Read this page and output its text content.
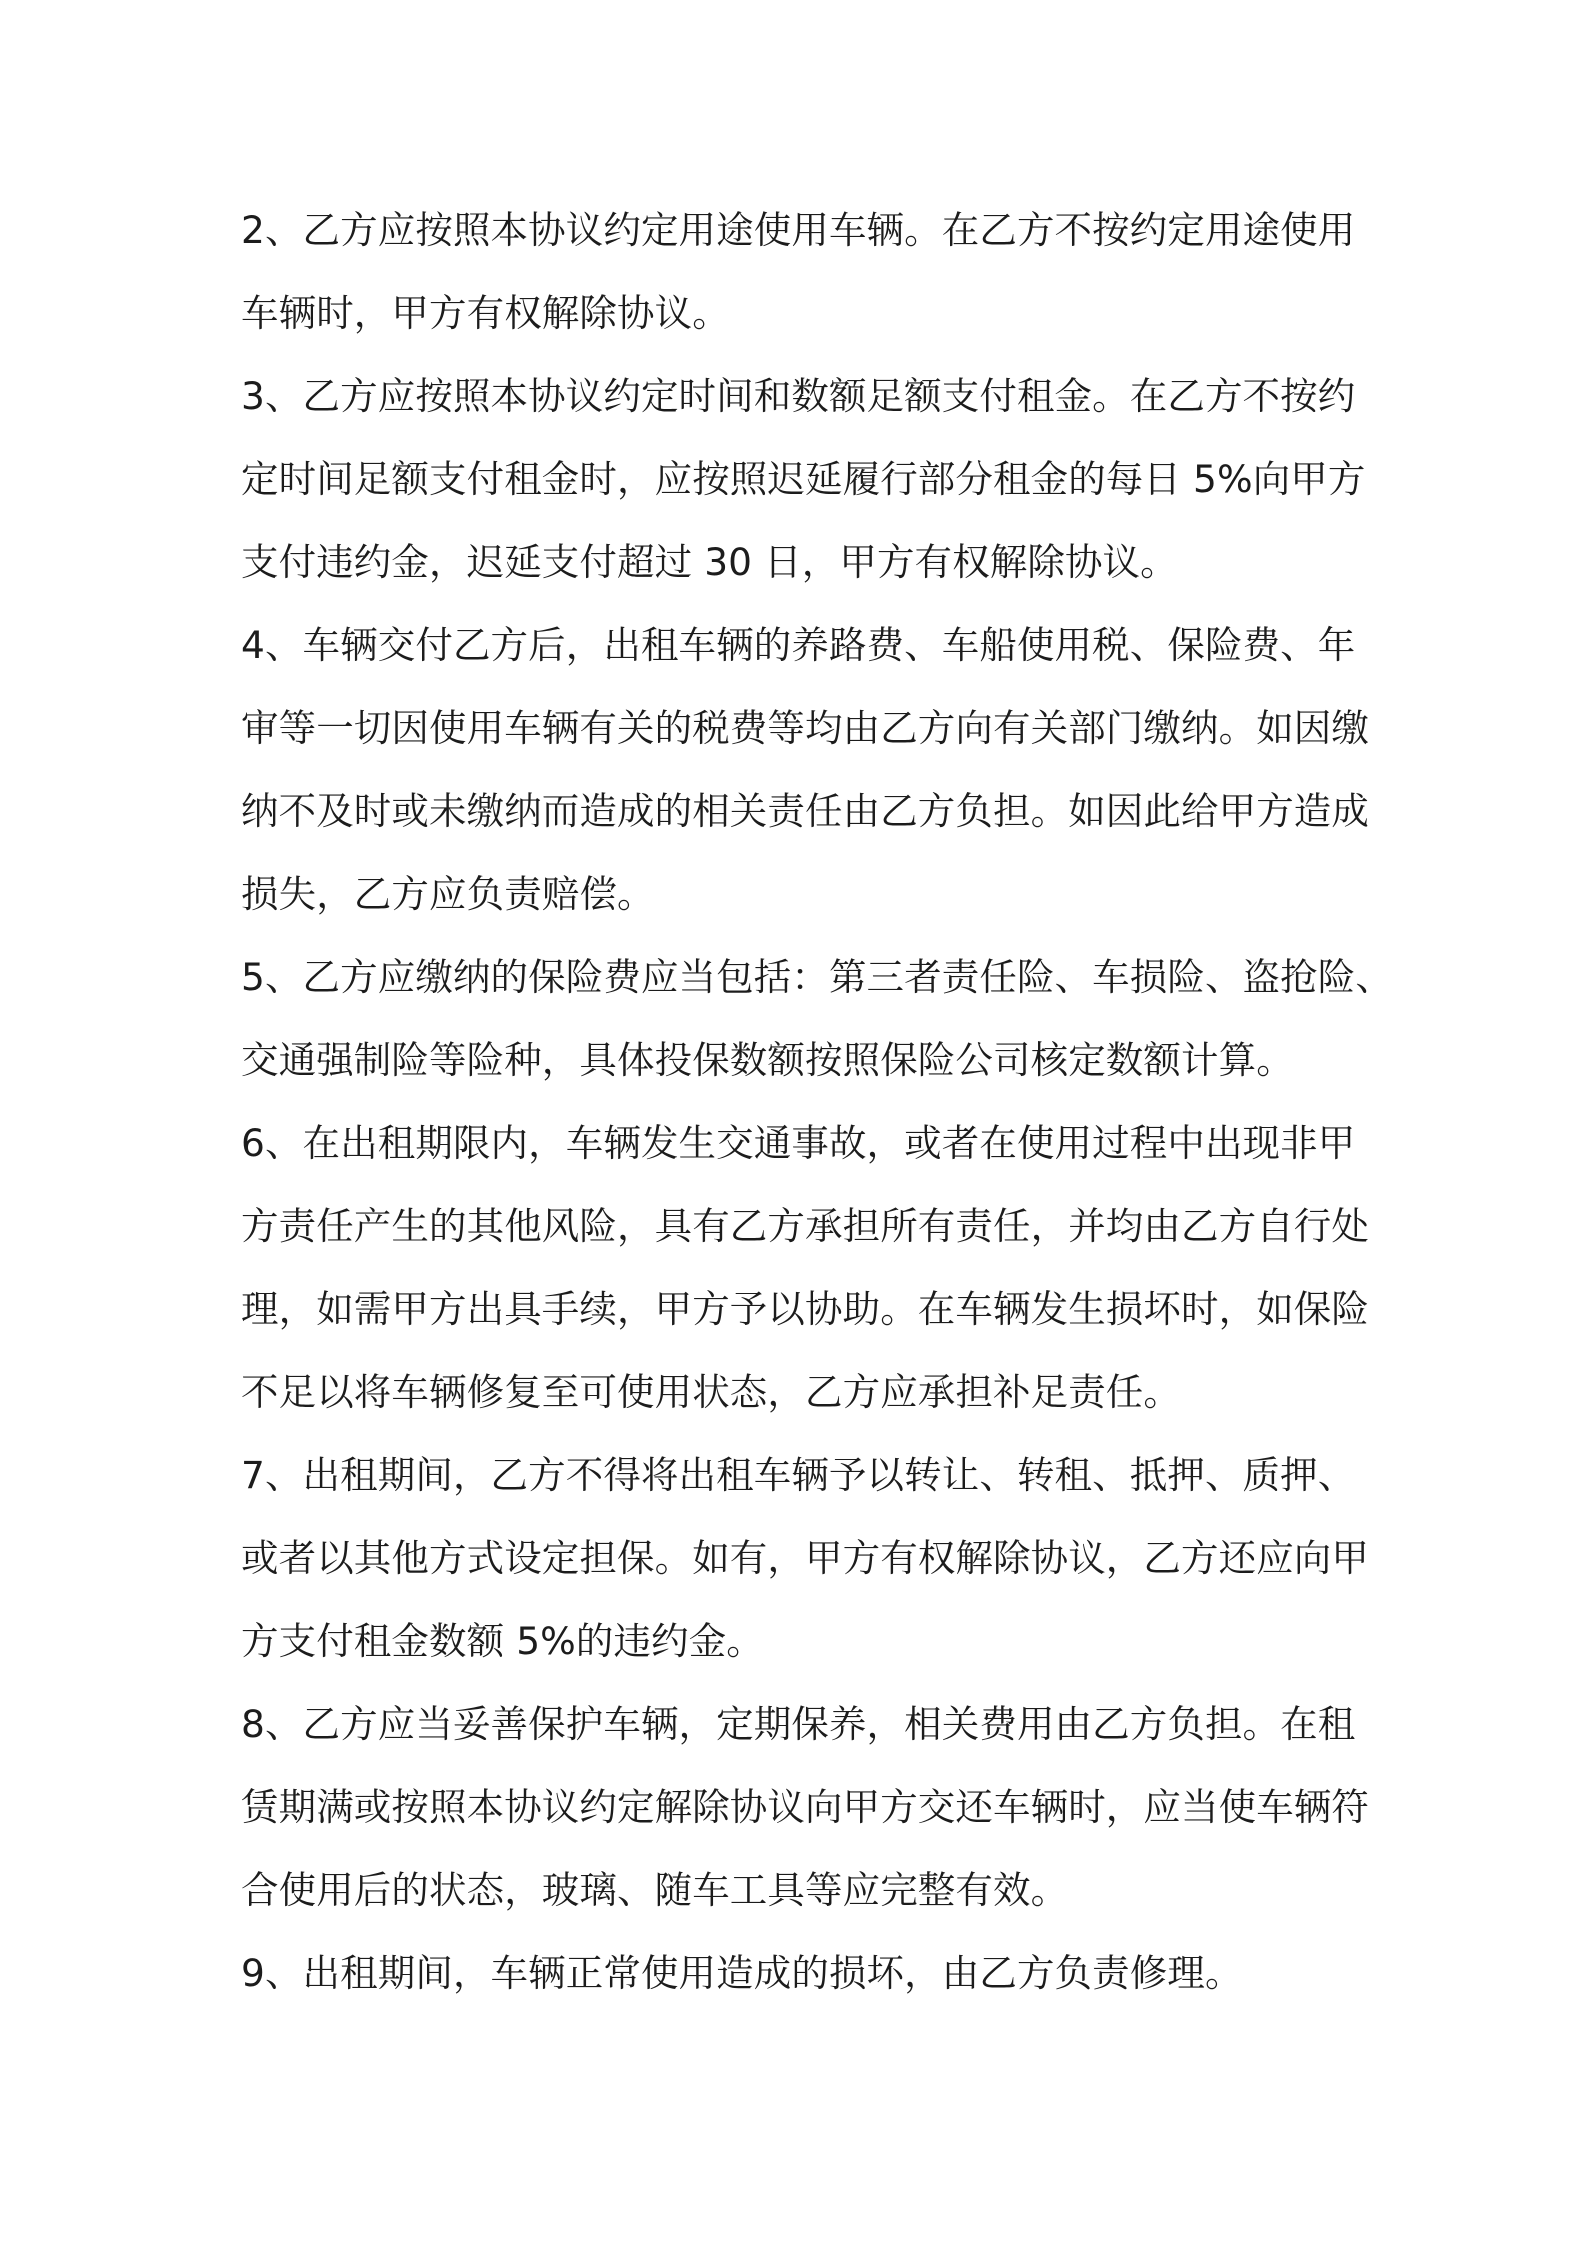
2、乙方应按照本协议约定用途使用车辆。在乙方不按约定用途使用
车辆时，甲方有权解除协议。
3、乙方应按照本协议约定时间和数额足额支付租金。在乙方不按约
定时间足额支付租金时，应按照迟延履行部分租金的每日 5%向甲方
支付违约金，迟延支付超过 30 日，甲方有权解除协议。
4、车辆交付乙方后，出租车辆的养路费、车船使用税、保险费、年
审等一切因使用车辆有关的税费等均由乙方向有关部门缴纳。如因缴
纳不及时或未缴纳而造成的相关责任由乙方负担。如因此给甲方造成
损失，乙方应负责赔偿。
5、乙方应缴纳的保险费应当包括：第三者责任险、车损险、盗抢险、
交通强制险等险种，具体投保数额按照保险公司核定数额计算。
6、在出租期限内，车辆发生交通事故，或者在使用过程中出现非甲
方责任产生的其他风险，具有乙方承担所有责任，并均由乙方自行处
理，如需甲方出具手续，甲方予以协助。在车辆发生损坏时，如保险
不足以将车辆修复至可使用状态，乙方应承担补足责任。
7、出租期间，乙方不得将出租车辆予以转让、转租、抵押、质押、
或者以其他方式设定担保。如有，甲方有权解除协议，乙方还应向甲
方支付租金数额 5%的违约金。
8、乙方应当妥善保护车辆，定期保养，相关费用由乙方负担。在租
赁期满或按照本协议约定解除协议向甲方交还车辆时，应当使车辆符
合使用后的状态，玻璃、随车工具等应完整有效。
9、出租期间，车辆正常使用造成的损坏，由乙方负责修理。
